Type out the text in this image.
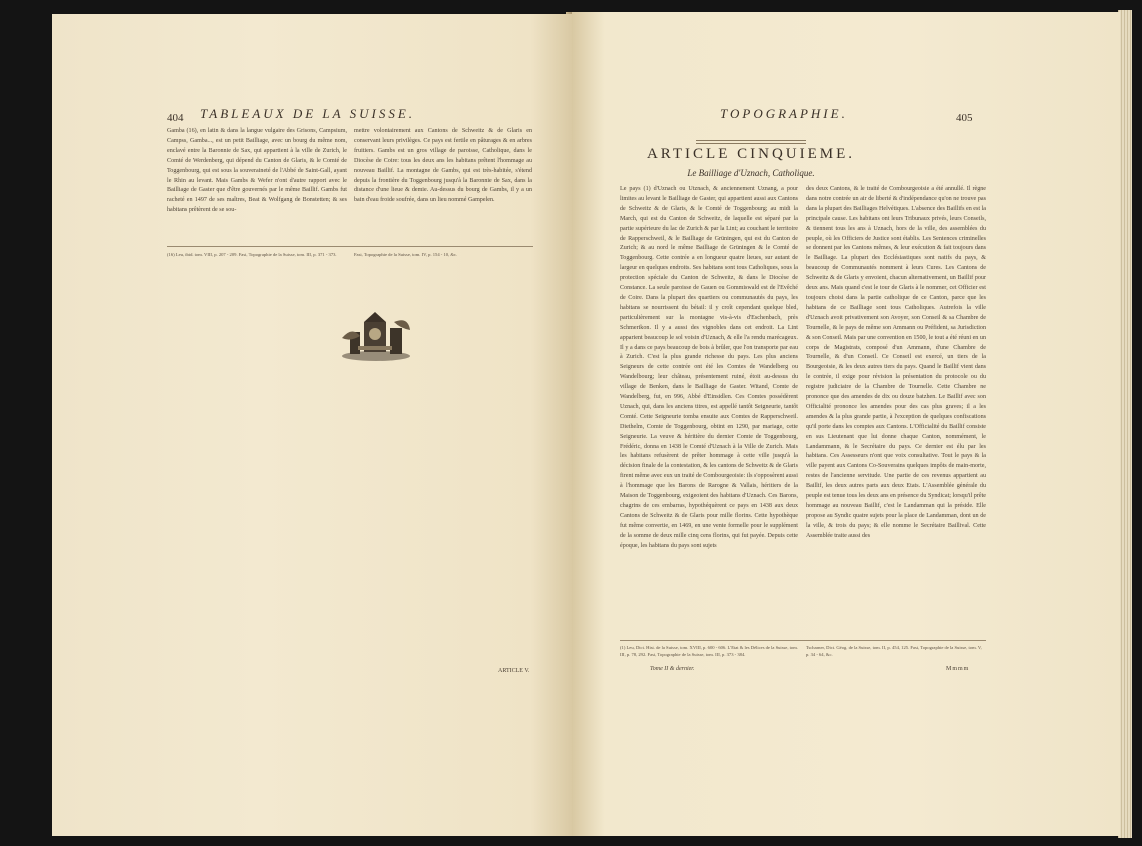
404 TABLEAUX DE LA SUISSE.
Gamba (16), en latin & dans la langue vulgaire des Grisons, Campsium, Campss, Gamba..., est un petit Bailliage, avec un bourg du même nom, enclavé entre la Baronnie de Sax, qui appartient à la ville de Zurich, le Comté de Werdenberg, qui dépend du Canton de Glaris, & le Comté de Toggenbourg, qui est sous la souveraineté de l'Abbé de Saint-Gall, ayant le Rhin au levant. Mais Gambs & Wefer n'ont d'autre rapport avec le Bailliage de Gaster que d'être gouvernés par le même Baillif. Gambs fut racheté en 1497 de ses maîtres, Beat & Wolfgang de Bonstetten; & ses habitans prêtèrent de se sou-
mettre volontairement aux Cantons de Schweitz & de Glaris en conservant leurs privilèges. Ce pays est fertile en pâturages & en arbres fruitiers. Gambs est un gros village de paroisse, Catholique, dans le Diocèse de Coire: tous les deux ans les habitans prêtent l'hommage au nouveau Baillif. La montagne de Gambs, qui est très-habitée, s'étend depuis la frontière du Toggenbourg jusqu'à la Baronnie de Sax, dans la distance d'une lieue & demie. Au-dessus du bourg de Gambs, il y a un bain d'eau froide soufrée, dans un lieu nommé Gampelen.
(16) Leu, ibid. tom. VIII, p. 207 - 209. Fasi, Topographie de la Suisse, tom. III, p. 371 - 373.	Fasi, Topographie de la Suisse, tom. IV, p. 154 - 10, &c.
ARTICLE V.
TOPOGRAPHIE.	405
ARTICLE CINQUIEME.
Le Bailliage d'Uznach, Catholique.
Le pays (1) d'Uznach ou Utznach, & anciennement Uznang, a pour limites au levant le Bailliage de Gaster, qui appartient aussi aux Cantons de Schweitz & de Glaris, & le Comté de Toggenbourg; au midi la March, qui est du Canton de Schweitz, de laquelle est séparé par la partie supérieure du lac de Zurich & par la Lint; au couchant le territoire de Rapperschweil, & le Bailliage de Grüningen, qui est du Canton de Zurich; & au nord le même Bailliage de Grüningen & le Comté de Toggenbourg. Cette contrée a en longueur quatre lieues, sur autant de largeur en quelques endroits. Ses habitans sont tous Catholiques, sous la protection spéciale du Canton de Schweitz, & dans le Diocèse de Constance. La seule paroisse de Gauen ou Gommiswald est de l'Evêché de Coire. Dans la plupart des quartiers ou communautés du pays, les habitans se nourrissent du bétail: il y croît cependant quelque bled, particulièrement sur la montagne vis-à-vis d'Eschenbach, près Schmerikon. Il y a aussi des vignobles dans cet endroit. La Lint apparient beaucoup le sol voisin d'Uznach, & elle l'a rendu marécageux. Il y a dans ce pays beaucoup de bois à brûler, que l'on transporte par eau à Zurich. C'est la plus grande richesse du pays. Les plus anciens Seigneurs de cette contrée ont été les Comtes de Wandelberg ou Wandelbourg; leur château, présentement ruiné, étoit au-dessus du village de Benken, dans le Bailliage de Gaster. Witand, Comte de Wandelberg, fut, en 996, Abbé d'Einsidlen. Ces Comtes possédèrent Uznach, qui, dans les anciens titres, est appellé tantôt Seigneurie, tantôt Comté. Cette Seigneurie tomba ensuite aux Comtes de Rapperschweil. Diethelm, Comte de Toggenbourg, obtint en 1290, par mariage, cette Seigneurie. La veuve & héritière du dernier Comte de Toggenbourg, Frédéric, donna en 1438 le Comté d'Uznach à la Ville de Zurich. Mais les habitans refusèrent de prêter hommage à cette ville jusqu'à la décision finale de la contestation, & les cantons de Schweitz & de Glaris firent même avec eux un traité de Combourgeoisie: ils s'opposèrent aussi à l'hommage que les Barons de Rarogne & Vallais, héritiers de la Maison de Toggenbourg, exigeoient des habitans d'Uznach. Ces Barons, chagrins de ces embarras, hypothéquèrent ce pays en 1438 aux deux Cantons de Schweitz & de Glaris pour mille florins. Cette hypothèque fut même convertie, en 1469, en une vente formelle pour le supplément de la somme de deux mille cinq cens florins, qui fut payée. Depuis cette époque, les habitans du pays sont sujets
des deux Cantons, & le traité de Combourgeoisie a été annullé. Il règne dans notre contrée un air de liberté & d'indépendance qu'on ne trouve pas dans la plupart des Bailliages Helvétiques. L'absence des Baillifs en est la principale cause. Les habitans ont leurs Tribunaux privés, leurs Conseils, & tiennent tous les ans à Uznach, hors de la ville, des assemblées du peuple, où les Officiers de Justice sont établis. Les Sentences criminelles se donnent par les Cantons mêmes, & leur exécution & fait toujours dans le Bailliage. La plupart des Ecclésiastiques sont natifs du pays, & beaucoup de Communautés nomment à leurs Cures. Les Cantons de Schweitz & de Glaris y envoient, chacun alternativement, un Baillif pour deux ans. Mais quand c'est le tour de Glaris à le nommer, cet Officier est toujours choisi dans la partie catholique de ce Canton, parce que les habitans de ce Bailliage sont tous Catholiques. Autrefois la ville d'Uznach avoit privativement son Avoyer, son Conseil & sa Chambre de Tournelle, & le pays de même son Ammann ou Préfident, sa Jurisdiction & son Conseil. Mais par une convention en 1500, le tout a été réuni en un corps de Magistrats, composé d'un Ammann, d'une Chambre de Tournelle, & d'un Conseil. Ce Conseil est exercé, un tiers de la Bourgeoisie, & les deux autres tiers du pays. Quand le Baillif vient dans le contrée, il exige pour révision la présentation du protocole ou du registre judiciaire de la Chambre de Tournelle. Cette Chambre ne prononce que des amendes de dix ou douze batzhen. Le Baillif avec son Officialité prononce les amendes pour des cas plus graves; il a les amendes & la plus grande partie, à l'exception de quelques confiscations qu'il porte dans les comptes aux Cantons. L'Officialité du Baillif consiste en sus Lieutenant que lui donne chaque Canton, nommément, le Landammann, & le Secrétaire du pays. Ce dernier est élu par les habitans. Ces Assesseurs n'ont que voix consultative. Tout le pays & la ville payent aux Cantons Co-Souverains quelques impôts de main-morte, restes de l'ancienne servitude. Une partie de ces revenus appartient au Baillif, les deux autres parts aux deux Etats. L'Assemblée générale du peuple est tenue tous les deux ans en présence du Syndicat; lorsqu'il prête hommage au nouveau Baillif, c'est le Landamman qui la préside. Elle propose au Syndic quatre sujets pour la place de Landamman, dont un de la ville, & trois du pays; & elle nomme le Secrétaire Baillival. Cette Assemblée traite aussi des
(1) Leu, Dict. Hist. de la Suisse, tom. XVIII, p. 600 - 606. L'Etat & les Délices de la Suisse, tom. III, p. 78, 292. Fasi, Topographie de la Suisse, tom. III, p. 373 - 384.
Tome II & dernier.
Tscharner, Dict. Géog. de la Suisse, tom. II, p. 454, 125. Fasi, Topographie de la Suisse, tom. V, p. 34 - 64, &c.
Mmmm
